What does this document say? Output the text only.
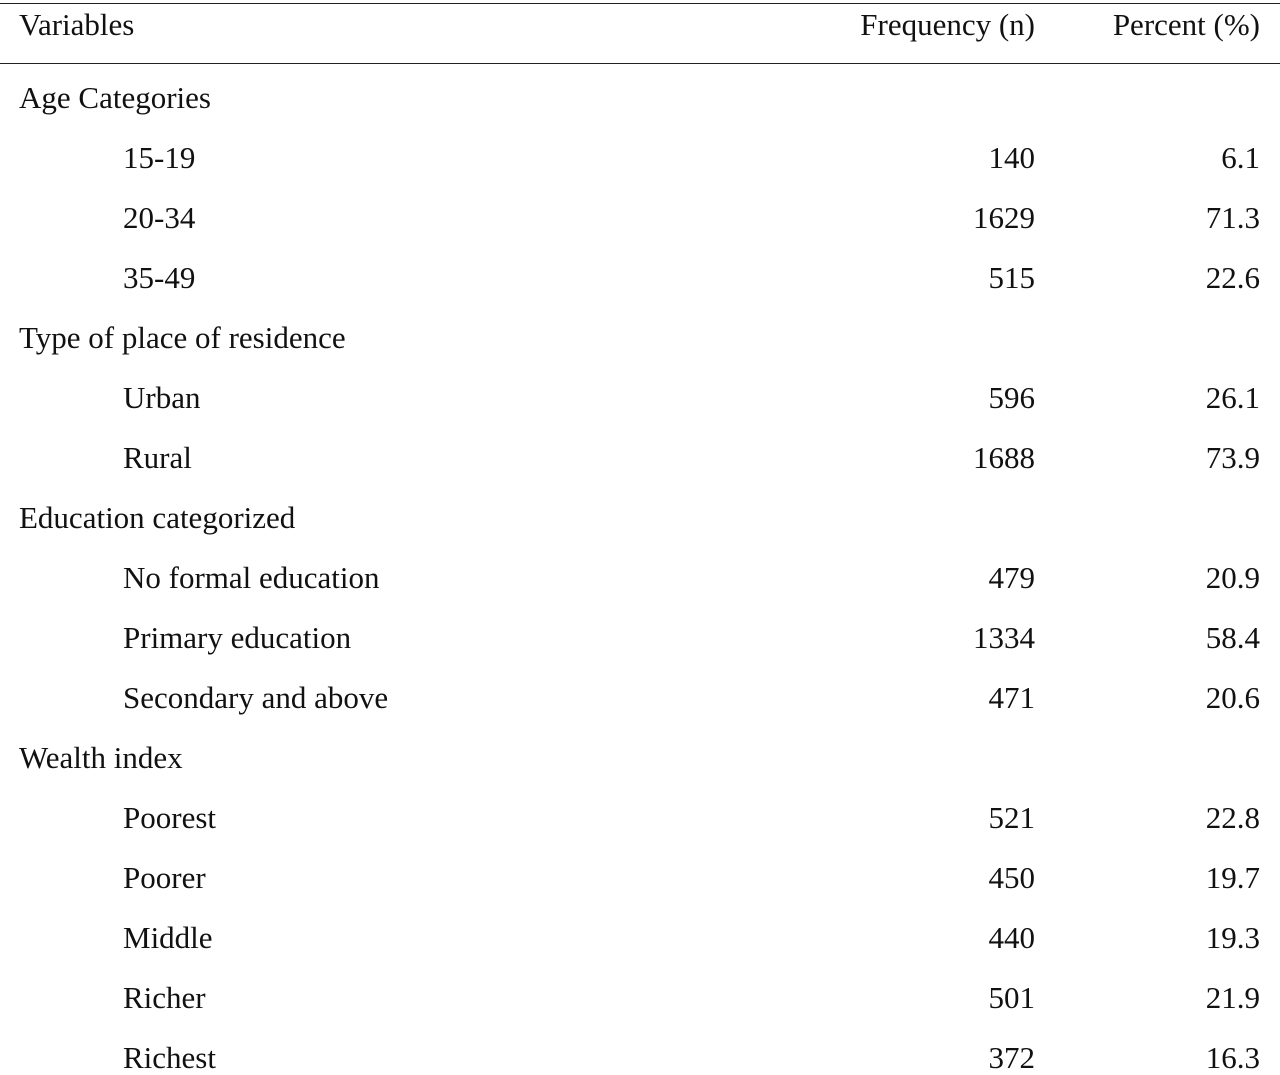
Variables	Frequency (n)	Percent (%)
Age Categories
15-19	140	6.1
20-34	1629	71.3
35-49	515	22.6
Type of place of residence
Urban	596	26.1
Rural	1688	73.9
Education categorized
No formal education	479	20.9
Primary education	1334	58.4
Secondary and above	471	20.6
Wealth index
Poorest	521	22.8
Poorer	450	19.7
Middle	440	19.3
Richer	501	21.9
Richest	372	16.3
